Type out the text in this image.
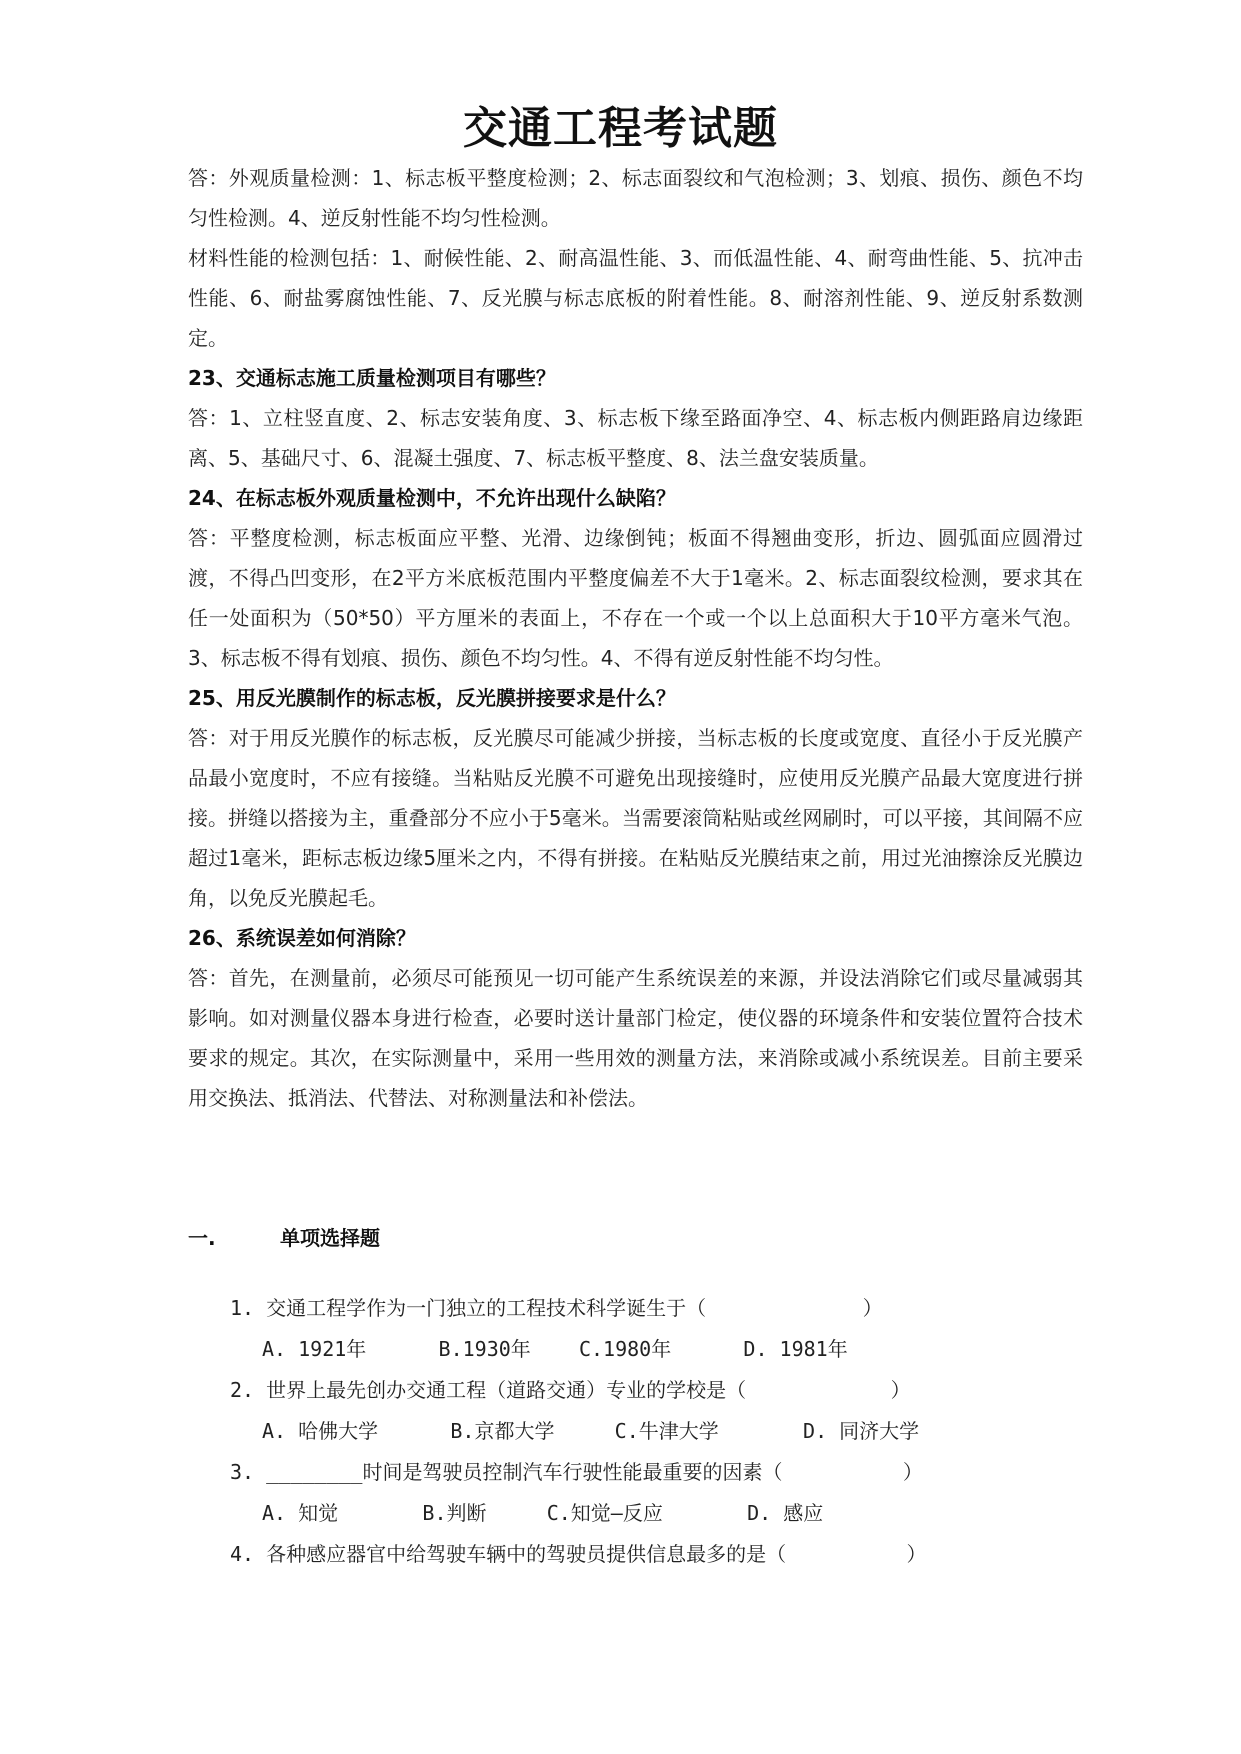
交通工程考试题

答：外观质量检测：1、标志板平整度检测；2、标志面裂纹和气泡检测；3、划痕、损伤、颜色不均匀性检测。4、逆反射性能不均匀性检测。

材料性能的检测包括：1、耐候性能、2、耐高温性能、3、而低温性能、4、耐弯曲性能、5、抗冲击性能、6、耐盐雾腐蚀性能、7、反光膜与标志底板的附着性能。8、耐溶剂性能、9、逆反射系数测定。

23、交通标志施工质量检测项目有哪些？

答：1、立柱竖直度、2、标志安装角度、3、标志板下缘至路面净空、4、标志板内侧距路肩边缘距离、5、基础尺寸、6、混凝土强度、7、标志板平整度、8、法兰盘安装质量。

24、在标志板外观质量检测中，不允许出现什么缺陷？

答：平整度检测，标志板面应平整、光滑、边缘倒钝；板面不得翘曲变形，折边、圆弧面应圆滑过渡，不得凸凹变形，在2平方米底板范围内平整度偏差不大于1毫米。2、标志面裂纹检测，要求其在任一处面积为（50*50）平方厘米的表面上，不存在一个或一个以上总面积大于10平方毫米气泡。3、标志板不得有划痕、损伤、颜色不均匀性。4、不得有逆反射性能不均匀性。

25、用反光膜制作的标志板，反光膜拼接要求是什么？

答：对于用反光膜作的标志板，反光膜尽可能减少拼接，当标志板的长度或宽度、直径小于反光膜产品最小宽度时，不应有接缝。当粘贴反光膜不可避免出现接缝时，应使用反光膜产品最大宽度进行拼接。拼缝以搭接为主，重叠部分不应小于5毫米。当需要滚筒粘贴或丝网刷时，可以平接，其间隔不应超过1毫米，距标志板边缘5厘米之内，不得有拼接。在粘贴反光膜结束之前，用过光油擦涂反光膜边角，以免反光膜起毛。

26、系统误差如何消除？

答：首先，在测量前，必须尽可能预见一切可能产生系统误差的来源，并设法消除它们或尽量减弱其影响。如对测量仪器本身进行检查，必要时送计量部门检定，使仪器的环境条件和安装位置符合技术要求的规定。其次，在实际测量中，采用一些用效的测量方法，来消除或减小系统误差。目前主要采用交换法、抵消法、代替法、对称测量法和补偿法。

一.	单项选择题
1. 交通工程学作为一门独立的工程技术科学诞生于（             ）
A. 1921年      B.1930年    C.1980年      D. 1981年
2. 世界上最先创办交通工程（道路交通）专业的学校是（            ）
A. 哈佛大学      B.京都大学     C.牛津大学       D. 同济大学
3. ________时间是驾驶员控制汽车行驶性能最重要的因素（          ）
A. 知觉       B.判断     C.知觉—反应       D. 感应
4. 各种感应器官中给驾驶车辆中的驾驶员提供信息最多的是（          ）
